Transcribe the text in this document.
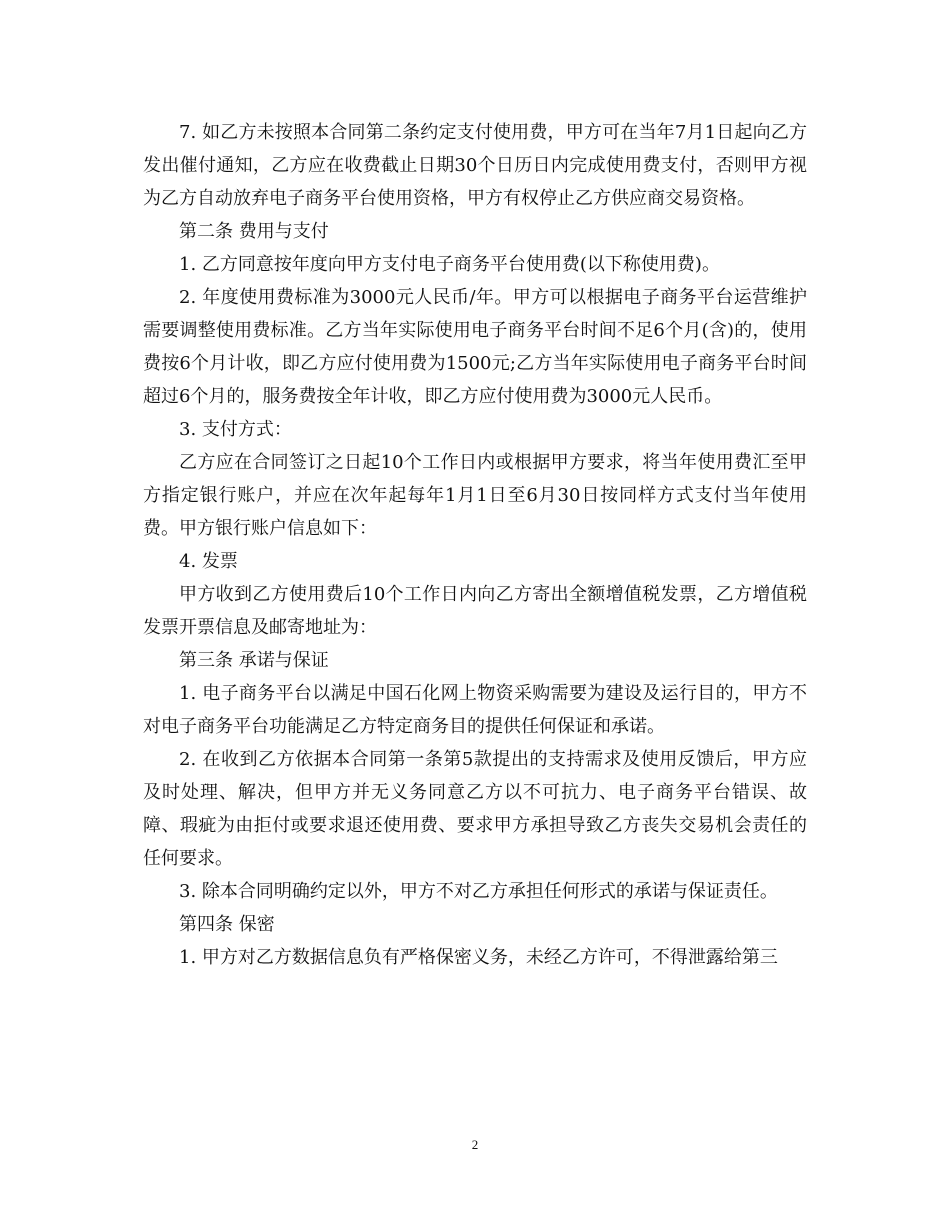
7. 如乙方未按照本合同第二条约定支付使用费，甲方可在当年7月1日起向乙方发出催付通知，乙方应在收费截止日期30个日历日内完成使用费支付，否则甲方视为乙方自动放弃电子商务平台使用资格，甲方有权停止乙方供应商交易资格。

第二条 费用与支付

1. 乙方同意按年度向甲方支付电子商务平台使用费(以下称使用费)。

2. 年度使用费标准为3000元人民币/年。甲方可以根据电子商务平台运营维护需要调整使用费标准。乙方当年实际使用电子商务平台时间不足6个月(含)的，使用费按6个月计收，即乙方应付使用费为1500元;乙方当年实际使用电子商务平台时间超过6个月的，服务费按全年计收，即乙方应付使用费为3000元人民币。

3. 支付方式：

乙方应在合同签订之日起10个工作日内或根据甲方要求，将当年使用费汇至甲方指定银行账户，并应在次年起每年1月1日至6月30日按同样方式支付当年使用费。甲方银行账户信息如下：

4. 发票

甲方收到乙方使用费后10个工作日内向乙方寄出全额增值税发票，乙方增值税发票开票信息及邮寄地址为：

第三条 承诺与保证

1. 电子商务平台以满足中国石化网上物资采购需要为建设及运行目的，甲方不对电子商务平台功能满足乙方特定商务目的提供任何保证和承诺。

2. 在收到乙方依据本合同第一条第5款提出的支持需求及使用反馈后，甲方应及时处理、解决，但甲方并无义务同意乙方以不可抗力、电子商务平台错误、故障、瑕疵为由拒付或要求退还使用费、要求甲方承担导致乙方丧失交易机会责任的任何要求。

3. 除本合同明确约定以外，甲方不对乙方承担任何形式的承诺与保证责任。

第四条 保密

1. 甲方对乙方数据信息负有严格保密义务，未经乙方许可，不得泄露给第三

2
